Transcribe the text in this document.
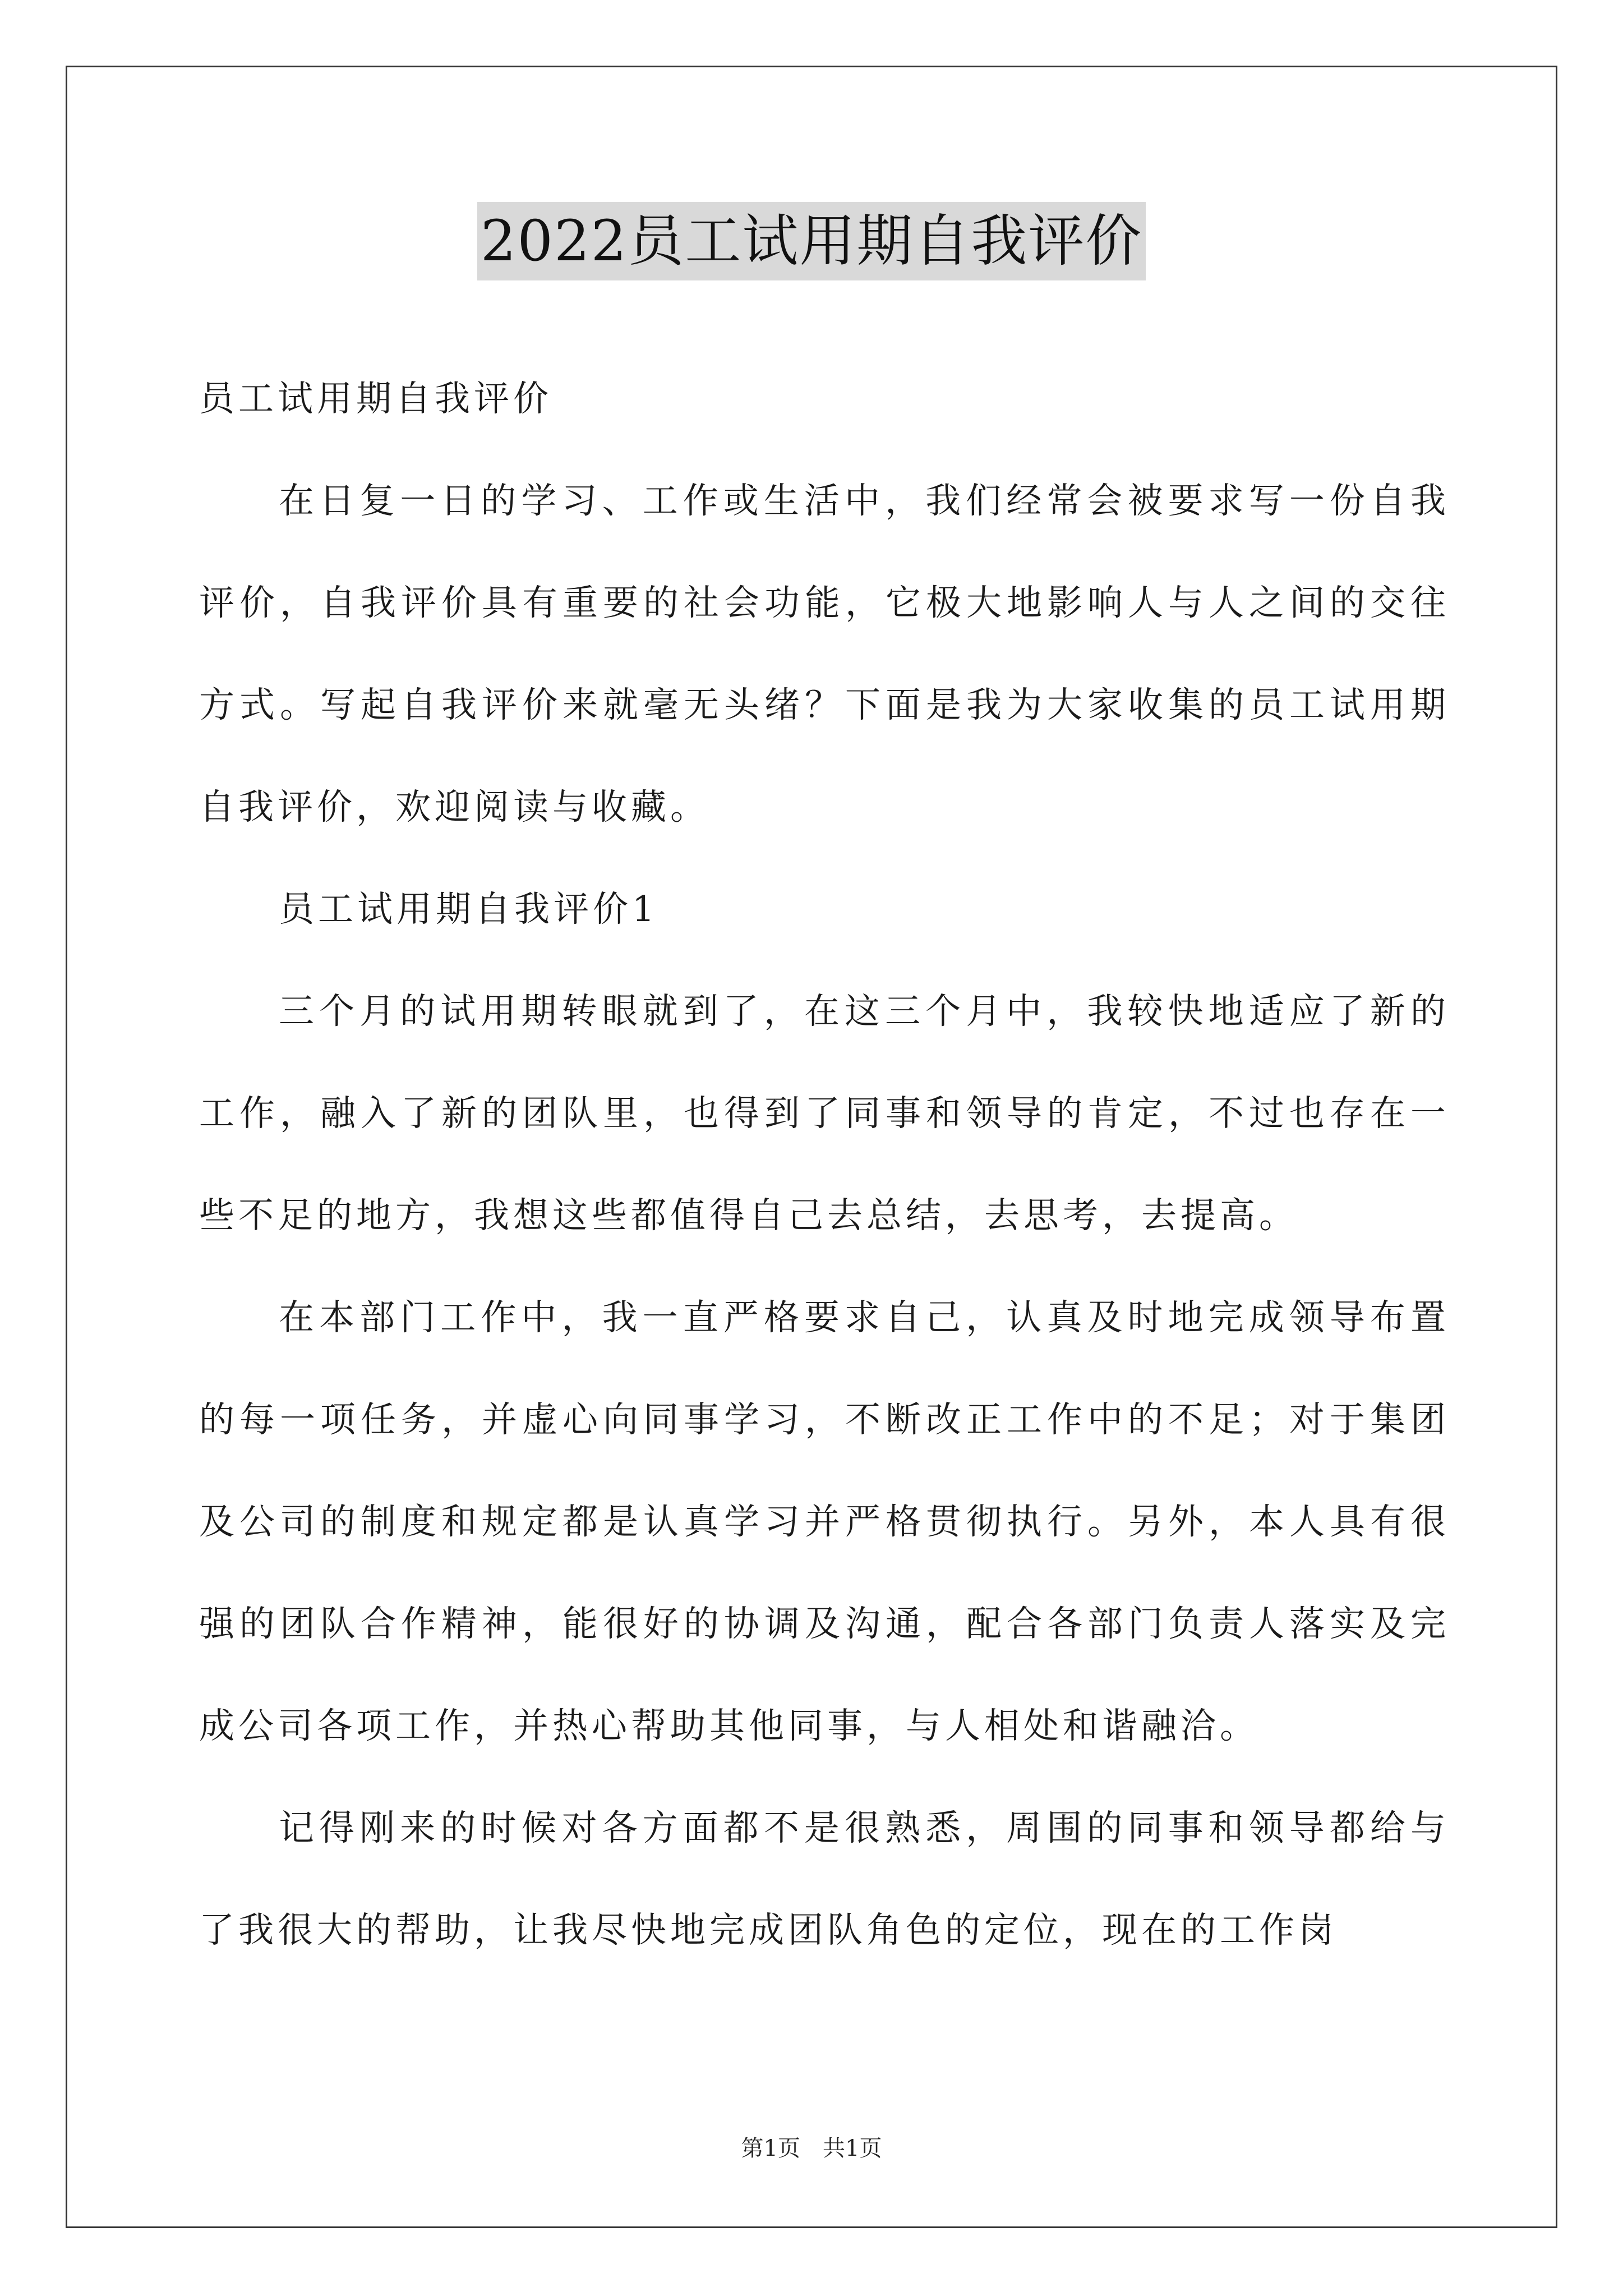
2022员工试用期自我评价

员工试用期自我评价

在日复一日的学习、工作或生活中，我们经常会被要求写一份自我评价，自我评价具有重要的社会功能，它极大地影响人与人之间的交往方式。写起自我评价来就毫无头绪？下面是我为大家收集的员工试用期自我评价，欢迎阅读与收藏。

员工试用期自我评价1

三个月的试用期转眼就到了，在这三个月中，我较快地适应了新的工作，融入了新的团队里，也得到了同事和领导的肯定，不过也存在一些不足的地方，我想这些都值得自己去总结，去思考，去提高。

在本部门工作中，我一直严格要求自己，认真及时地完成领导布置的每一项任务，并虚心向同事学习，不断改正工作中的不足；对于集团及公司的制度和规定都是认真学习并严格贯彻执行。另外，本人具有很强的团队合作精神，能很好的协调及沟通，配合各部门负责人落实及完成公司各项工作，并热心帮助其他同事，与人相处和谐融洽。

记得刚来的时候对各方面都不是很熟悉，周围的同事和领导都给与了我很大的帮助，让我尽快地完成团队角色的定位，现在的工作岗

第1页　共1页
